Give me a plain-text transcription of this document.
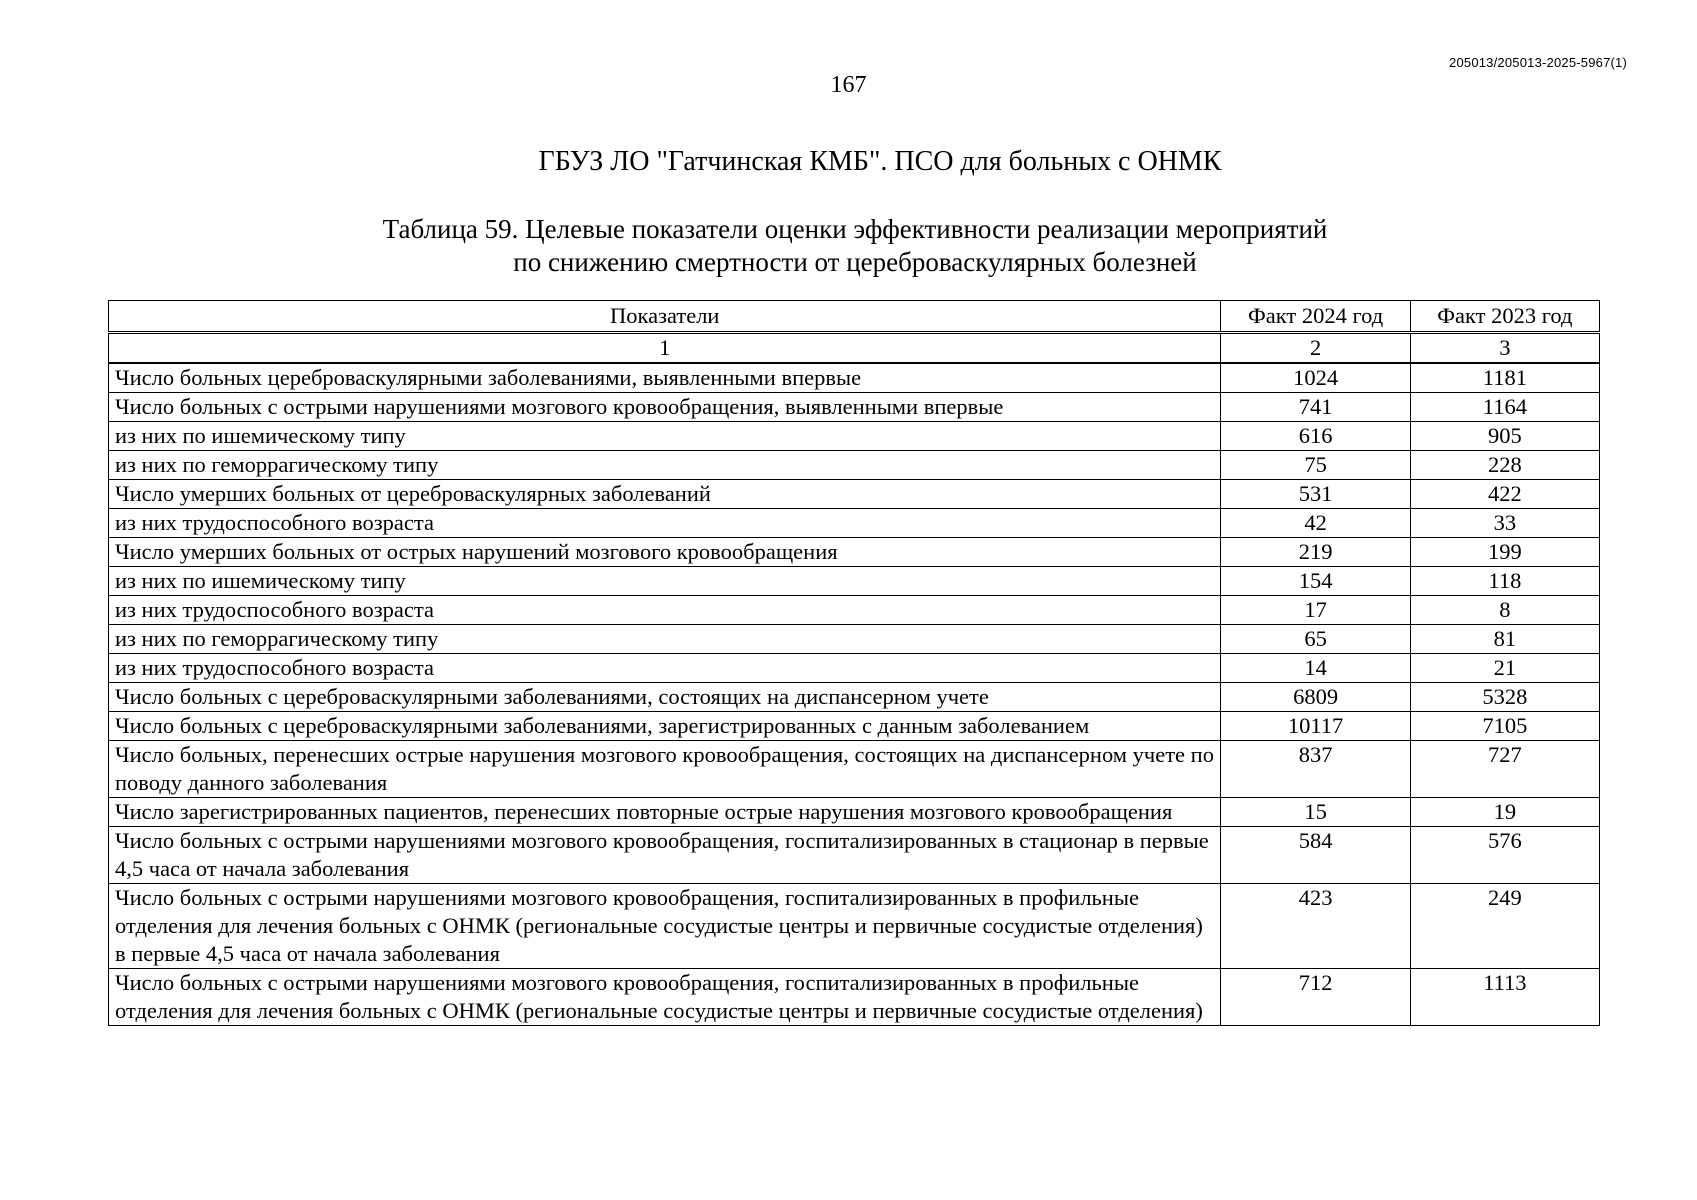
205013/205013-2025-5967(1)
167
ГБУЗ ЛО "Гатчинская КМБ". ПСО для больных с ОНМК
Таблица 59. Целевые показатели оценки эффективности реализации мероприятий
по снижению смертности от цереброваскулярных болезней
Показатели	Факт 2024 год	Факт 2023 год
1	2	3
Число больных цереброваскулярными заболеваниями, выявленными впервые	1024	1181
Число больных с острыми нарушениями мозгового кровообращения, выявленными впервые	741	1164
из них по ишемическому типу	616	905
из них по геморрагическому типу	75	228
Число умерших больных от цереброваскулярных заболеваний	531	422
из них трудоспособного возраста	42	33
Число умерших больных от острых нарушений мозгового кровообращения	219	199
из них по ишемическому типу	154	118
из них трудоспособного возраста	17	8
из них по геморрагическому типу	65	81
из них трудоспособного возраста	14	21
Число больных с цереброваскулярными заболеваниями, состоящих на диспансерном учете	6809	5328
Число больных с цереброваскулярными заболеваниями, зарегистрированных с данным заболеванием	10117	7105
Число больных, перенесших острые нарушения мозгового кровообращения, состоящих на диспансерном учете по поводу данного заболевания	837	727
Число зарегистрированных пациентов, перенесших повторные острые нарушения мозгового кровообращения	15	19
Число больных с острыми нарушениями мозгового кровообращения, госпитализированных в стационар в первые 4,5 часа от начала заболевания	584	576
Число больных с острыми нарушениями мозгового кровообращения, госпитализированных в профильные отделения для лечения больных с ОНМК (региональные сосудистые центры и первичные сосудистые отделения) в первые 4,5 часа от начала заболевания	423	249
Число больных с острыми нарушениями мозгового кровообращения, госпитализированных в профильные отделения для лечения больных с ОНМК (региональные сосудистые центры и первичные сосудистые отделения)	712	1113
